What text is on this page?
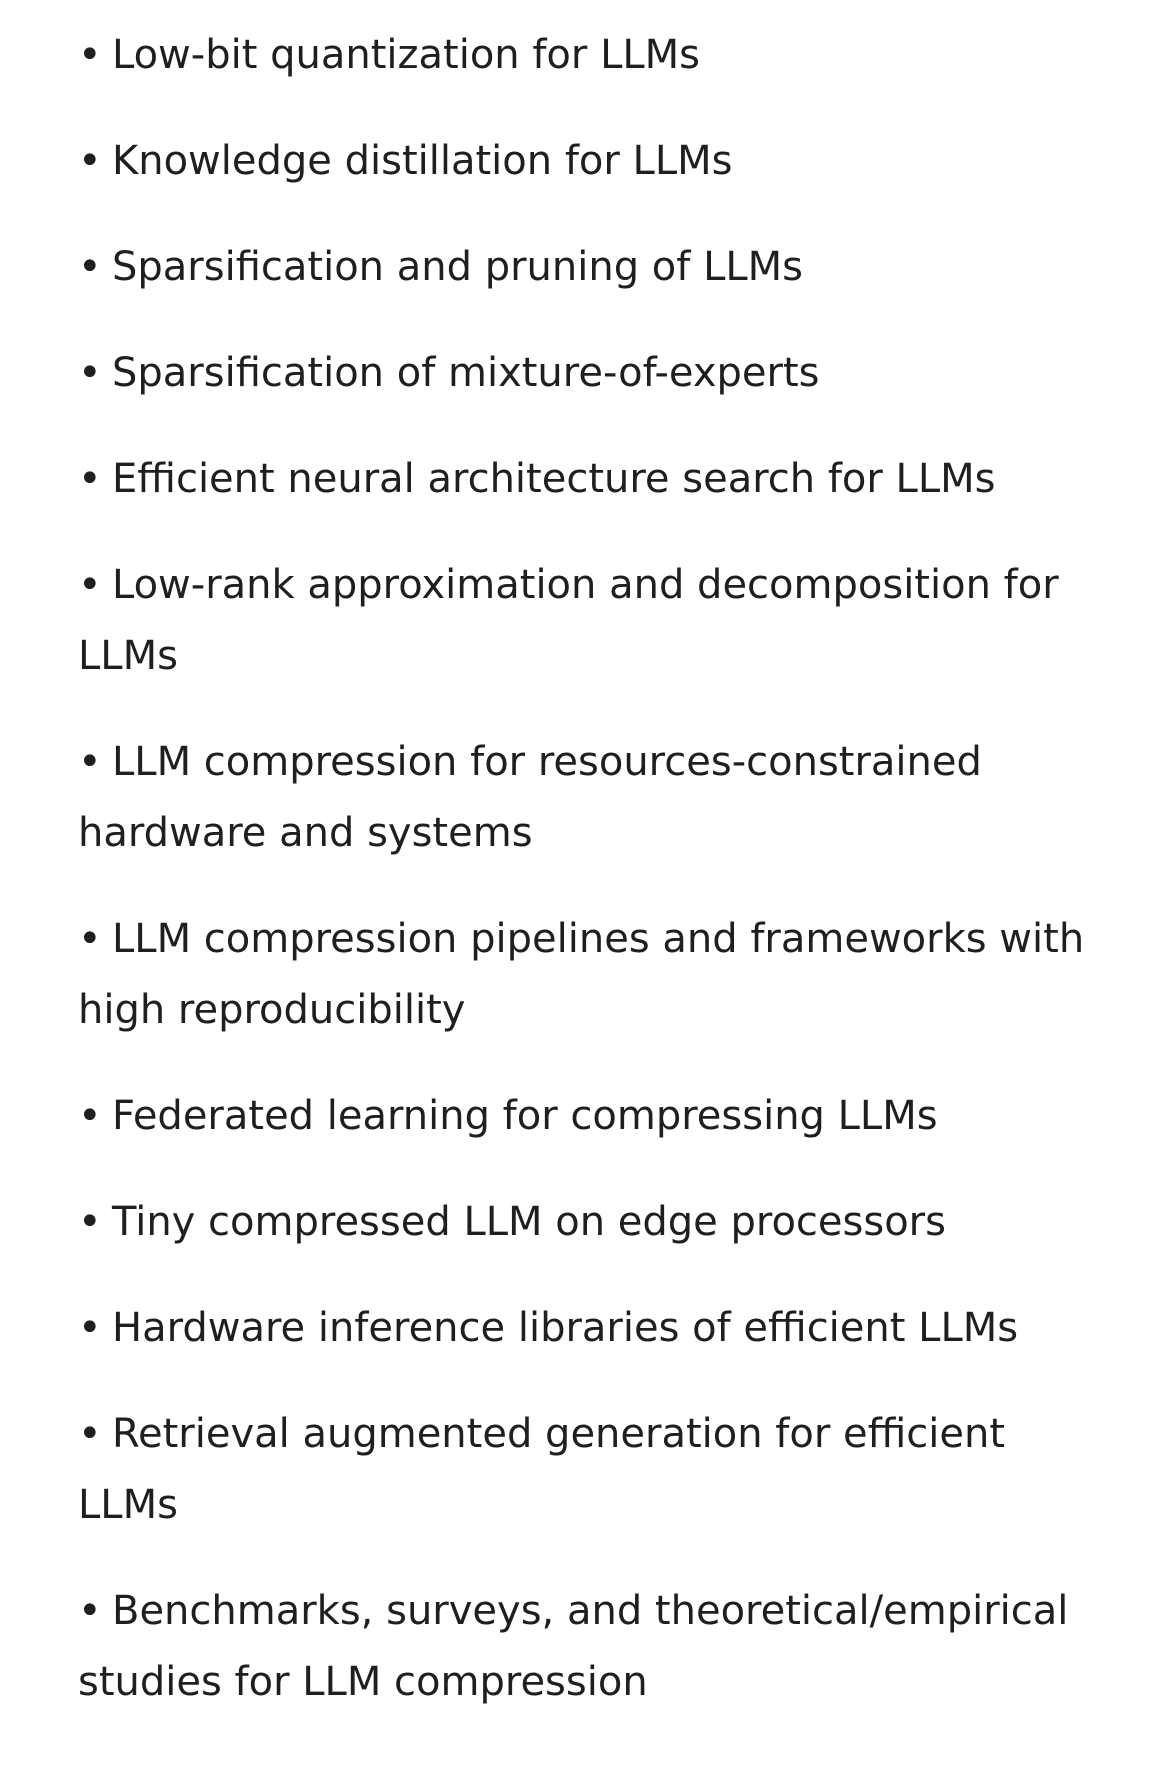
• Low-bit quantization for LLMs
• Knowledge distillation for LLMs
• Sparsification and pruning of LLMs
• Sparsification of mixture-of-experts
• Efficient neural architecture search for LLMs
• Low-rank approximation and decomposition for LLMs
• LLM compression for resources-constrained hardware and systems
• LLM compression pipelines and frameworks with high reproducibility
• Federated learning for compressing LLMs
• Tiny compressed LLM on edge processors
• Hardware inference libraries of efficient LLMs
• Retrieval augmented generation for efficient LLMs
• Benchmarks, surveys, and theoretical/empirical studies for LLM compression
